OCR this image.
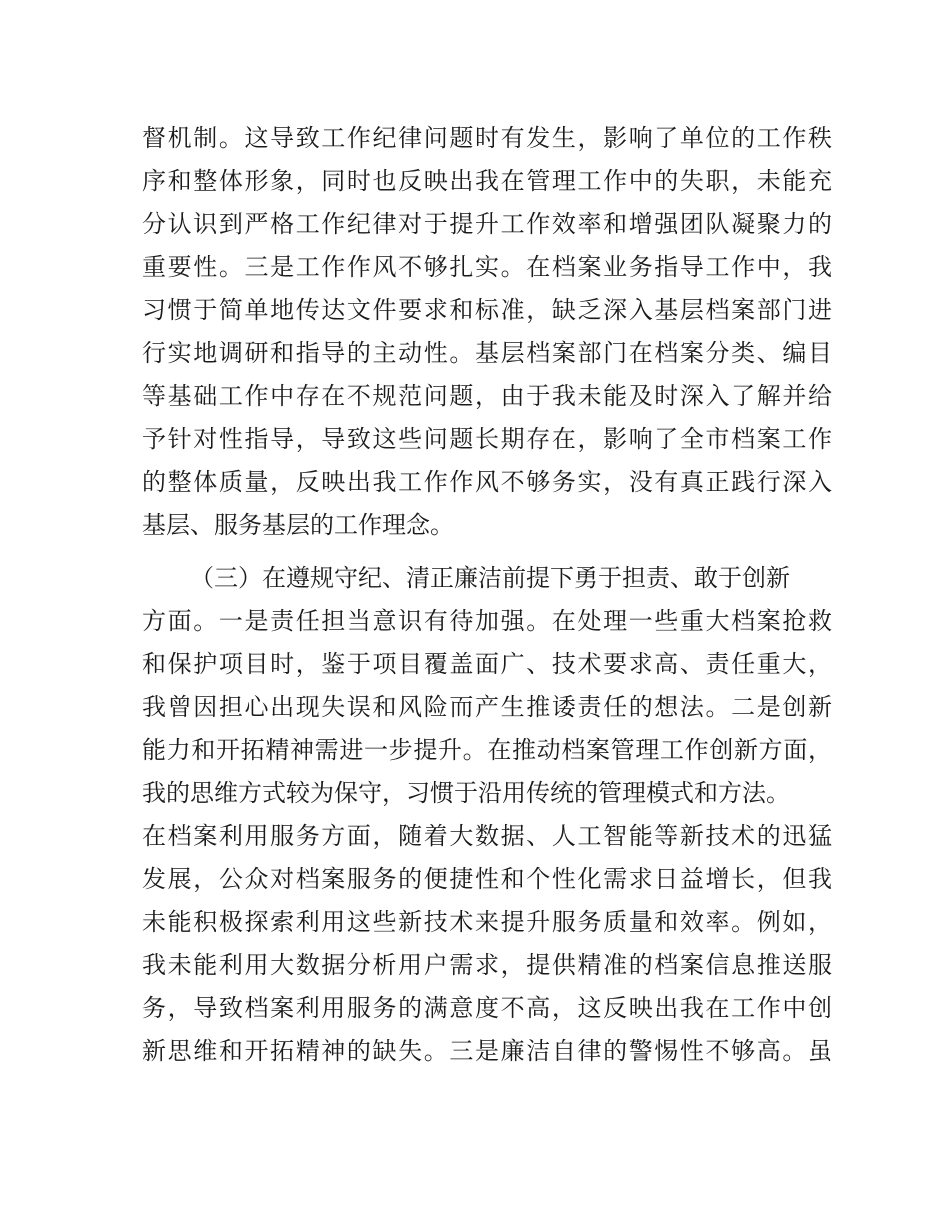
督机制。这导致工作纪律问题时有发生，影响了单位的工作秩
序和整体形象，同时也反映出我在管理工作中的失职，未能充
分认识到严格工作纪律对于提升工作效率和增强团队凝聚力的
重要性。三是工作作风不够扎实。在档案业务指导工作中，我
习惯于简单地传达文件要求和标准，缺乏深入基层档案部门进
行实地调研和指导的主动性。基层档案部门在档案分类、编目
等基础工作中存在不规范问题，由于我未能及时深入了解并给
予针对性指导，导致这些问题长期存在，影响了全市档案工作
的整体质量，反映出我工作作风不够务实，没有真正践行深入
基层、服务基层的工作理念。
（三）在遵规守纪、清正廉洁前提下勇于担责、敢于创新
方面。一是责任担当意识有待加强。在处理一些重大档案抢救
和保护项目时，鉴于项目覆盖面广、技术要求高、责任重大，
我曾因担心出现失误和风险而产生推诿责任的想法。二是创新
能力和开拓精神需进一步提升。在推动档案管理工作创新方面，
我的思维方式较为保守，习惯于沿用传统的管理模式和方法。
在档案利用服务方面，随着大数据、人工智能等新技术的迅猛
发展，公众对档案服务的便捷性和个性化需求日益增长，但我
未能积极探索利用这些新技术来提升服务质量和效率。例如，
我未能利用大数据分析用户需求，提供精准的档案信息推送服
务，导致档案利用服务的满意度不高，这反映出我在工作中创
新思维和开拓精神的缺失。三是廉洁自律的警惕性不够高。虽
